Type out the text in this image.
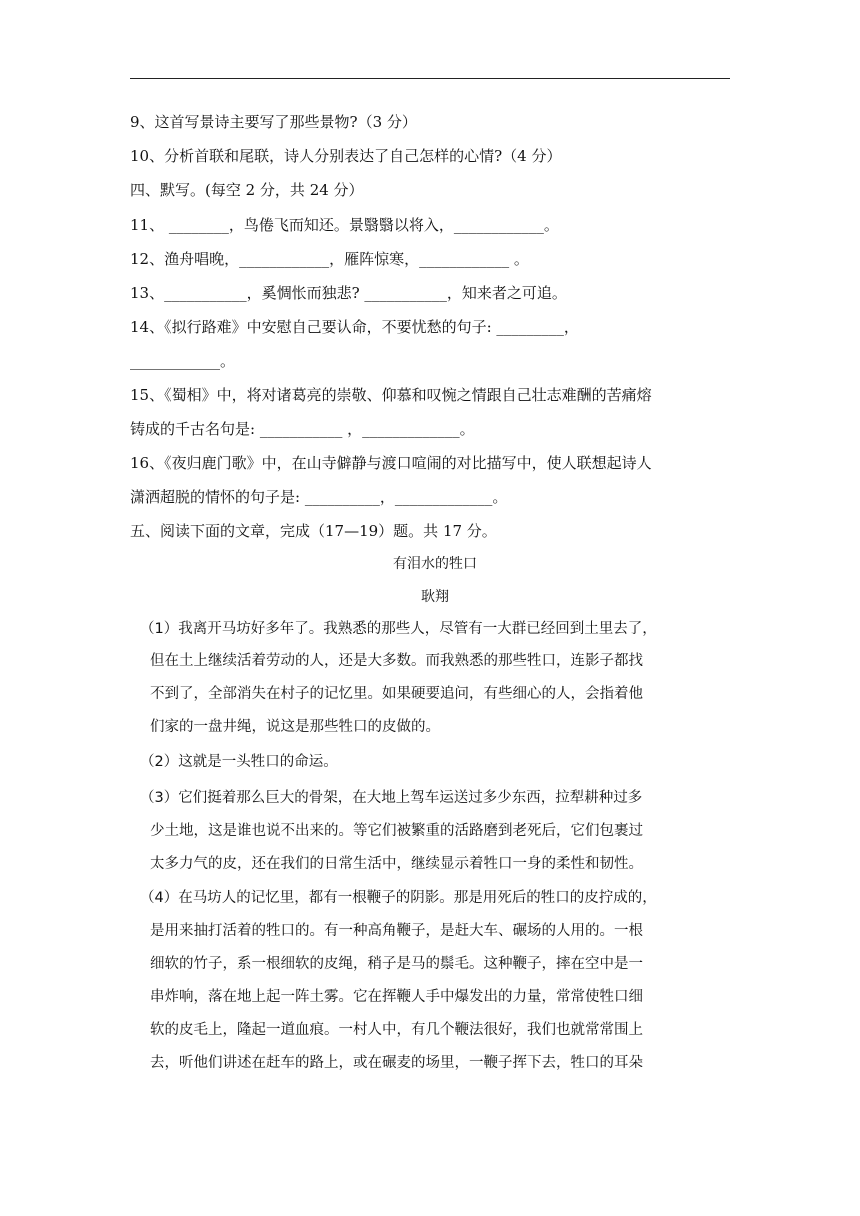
9、这首写景诗主要写了那些景物?（3 分）
10、分析首联和尾联，诗人分别表达了自己怎样的心情?（4 分）
四、默写。(每空 2 分，共 24 分）
11、 ________，鸟倦飞而知还。景翳翳以将入，____________。
12、渔舟唱晚，____________，雁阵惊寒，____________ 。
13、___________，奚惆怅而独悲? ___________，知来者之可追。
14、《拟行路难》中安慰自己要认命，不要忧愁的句子: _________，
____________。
15、《蜀相》中，将对诸葛亮的崇敬、仰慕和叹惋之情跟自己壮志难酬的苦痛熔
铸成的千古名句是: ___________ ，_____________。
16、《夜归鹿门歌》中，在山寺僻静与渡口喧闹的对比描写中，使人联想起诗人
潇洒超脱的情怀的句子是: __________，_____________。
五、阅读下面的文章，完成（17—19）题。共 17 分。
有泪水的牲口
耿翔
（1）我离开马坊好多年了。我熟悉的那些人，尽管有一大群已经回到土里去了，
但在土上继续活着劳动的人，还是大多数。而我熟悉的那些牲口，连影子都找
不到了，全部消失在村子的记忆里。如果硬要追问，有些细心的人，会指着他
们家的一盘井绳，说这是那些牲口的皮做的。
（2）这就是一头牲口的命运。
（3）它们挺着那么巨大的骨架，在大地上驾车运送过多少东西，拉犁耕种过多
少土地，这是谁也说不出来的。等它们被繁重的活路磨到老死后，它们包裹过
太多力气的皮，还在我们的日常生活中，继续显示着牲口一身的柔性和韧性。
（4）在马坊人的记忆里，都有一根鞭子的阴影。那是用死后的牲口的皮拧成的，
是用来抽打活着的牲口的。有一种高角鞭子，是赶大车、碾场的人用的。一根
细软的竹子，系一根细软的皮绳，稍子是马的鬃毛。这种鞭子，摔在空中是一
串炸响，落在地上起一阵土雾。它在挥鞭人手中爆发出的力量，常常使牲口细
软的皮毛上，隆起一道血痕。一村人中，有几个鞭法很好，我们也就常常围上
去，听他们讲述在赶车的路上，或在碾麦的场里，一鞭子挥下去，牲口的耳朵
